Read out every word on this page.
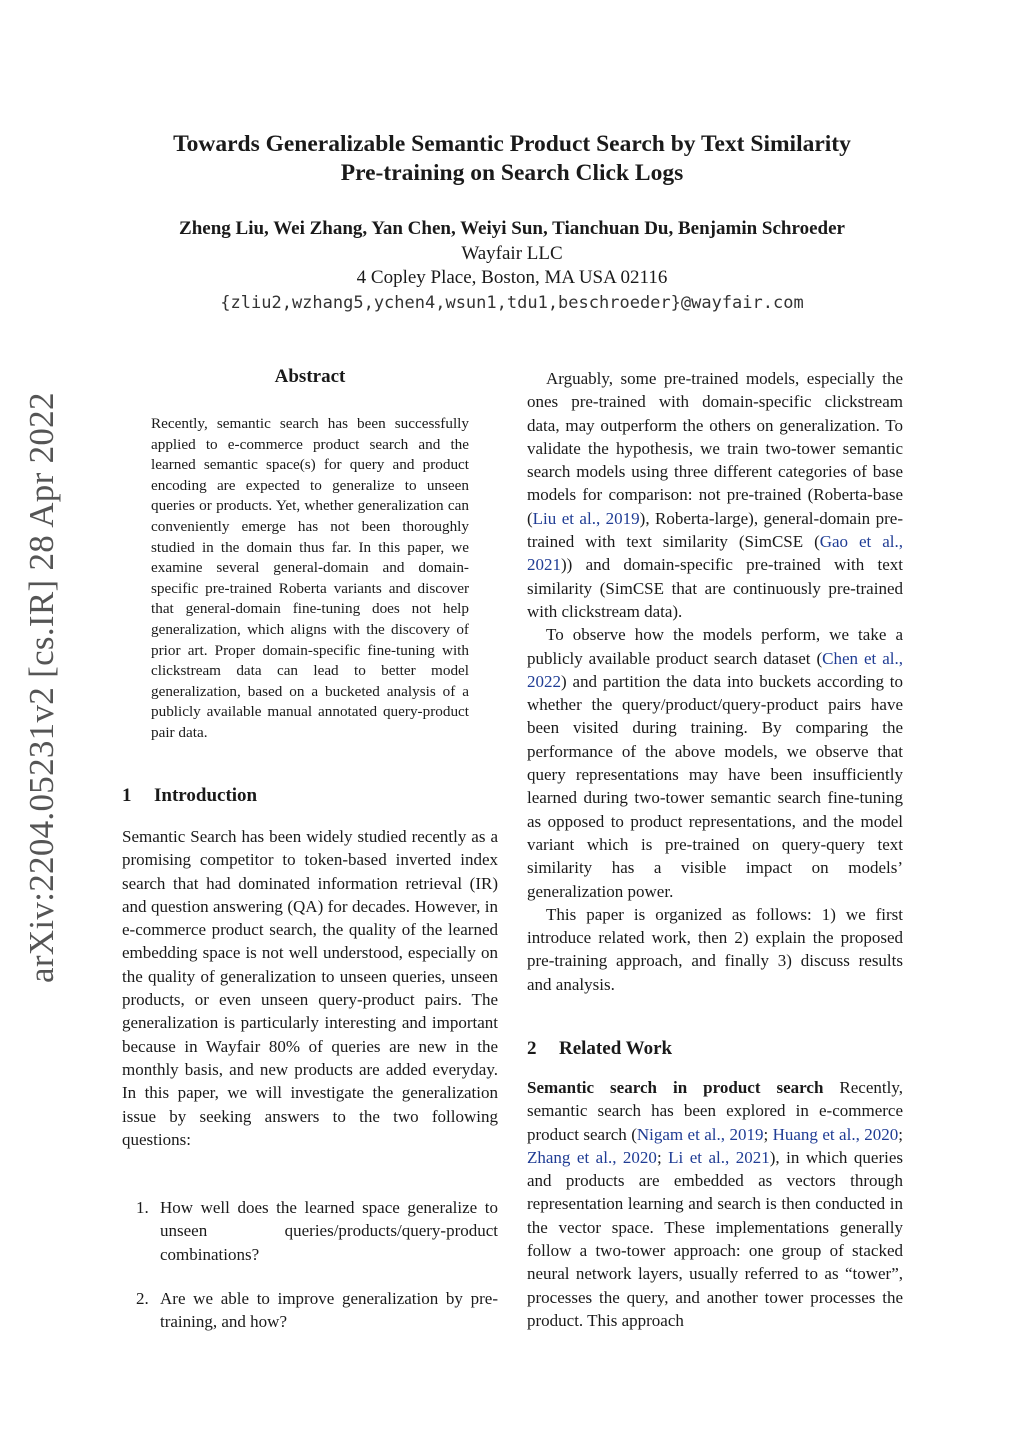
arXiv:2204.05231v2 [cs.IR] 28 Apr 2022
Towards Generalizable Semantic Product Search by Text Similarity
Pre-training on Search Click Logs
Zheng Liu, Wei Zhang, Yan Chen, Weiyi Sun, Tianchuan Du, Benjamin Schroeder
Wayfair LLC
4 Copley Place, Boston, MA USA 02116
{zliu2,wzhang5,ychen4,wsun1,tdu1,beschroeder}@wayfair.com
Abstract

Recently, semantic search has been successfully applied to e-commerce product search and the learned semantic space(s) for query and product encoding are expected to generalize to unseen queries or products. Yet, whether generalization can conveniently emerge has not been thoroughly studied in the domain thus far. In this paper, we examine several general-domain and domain-specific pre-trained Roberta variants and discover that general-domain fine-tuning does not help generalization, which aligns with the discovery of prior art. Proper domain-specific fine-tuning with clickstream data can lead to better model generalization, based on a bucketed analysis of a publicly available manual annotated query-product pair data.

1 Introduction

Semantic Search has been widely studied recently as a promising competitor to token-based inverted index search that had dominated information retrieval (IR) and question answering (QA) for decades. However, in e-commerce product search, the quality of the learned embedding space is not well understood, especially on the quality of generalization to unseen queries, unseen products, or even unseen query-product pairs. The generalization is particularly interesting and important because in Wayfair 80% of queries are new in the monthly basis, and new products are added everyday. In this paper, we will investigate the generalization issue by seeking answers to the two following questions:

1. How well does the learned space generalize to unseen queries/products/query-product combinations?

2. Are we able to improve generalization by pre-training, and how?

Arguably, some pre-trained models, especially the ones pre-trained with domain-specific clickstream data, may outperform the others on generalization. To validate the hypothesis, we train two-tower semantic search models using three different categories of base models for comparison: not pre-trained (Roberta-base (Liu et al., 2019), Roberta-large), general-domain pre-trained with text similarity (SimCSE (Gao et al., 2021)) and domain-specific pre-trained with text similarity (SimCSE that are continuously pre-trained with clickstream data).

To observe how the models perform, we take a publicly available product search dataset (Chen et al., 2022) and partition the data into buckets according to whether the query/product/query-product pairs have been visited during training. By comparing the performance of the above models, we observe that query representations may have been insufficiently learned during two-tower semantic search fine-tuning as opposed to product representations, and the model variant which is pre-trained on query-query text similarity has a visible impact on models’ generalization power.

This paper is organized as follows: 1) we first introduce related work, then 2) explain the proposed pre-training approach, and finally 3) discuss results and analysis.

2 Related Work

Semantic search in product search Recently, semantic search has been explored in e-commerce product search (Nigam et al., 2019; Huang et al., 2020; Zhang et al., 2020; Li et al., 2021), in which queries and products are embedded as vectors through representation learning and search is then conducted in the vector space. These implementations generally follow a two-tower approach: one group of stacked neural network layers, usually referred to as “tower”, processes the query, and another tower processes the product. This approach
